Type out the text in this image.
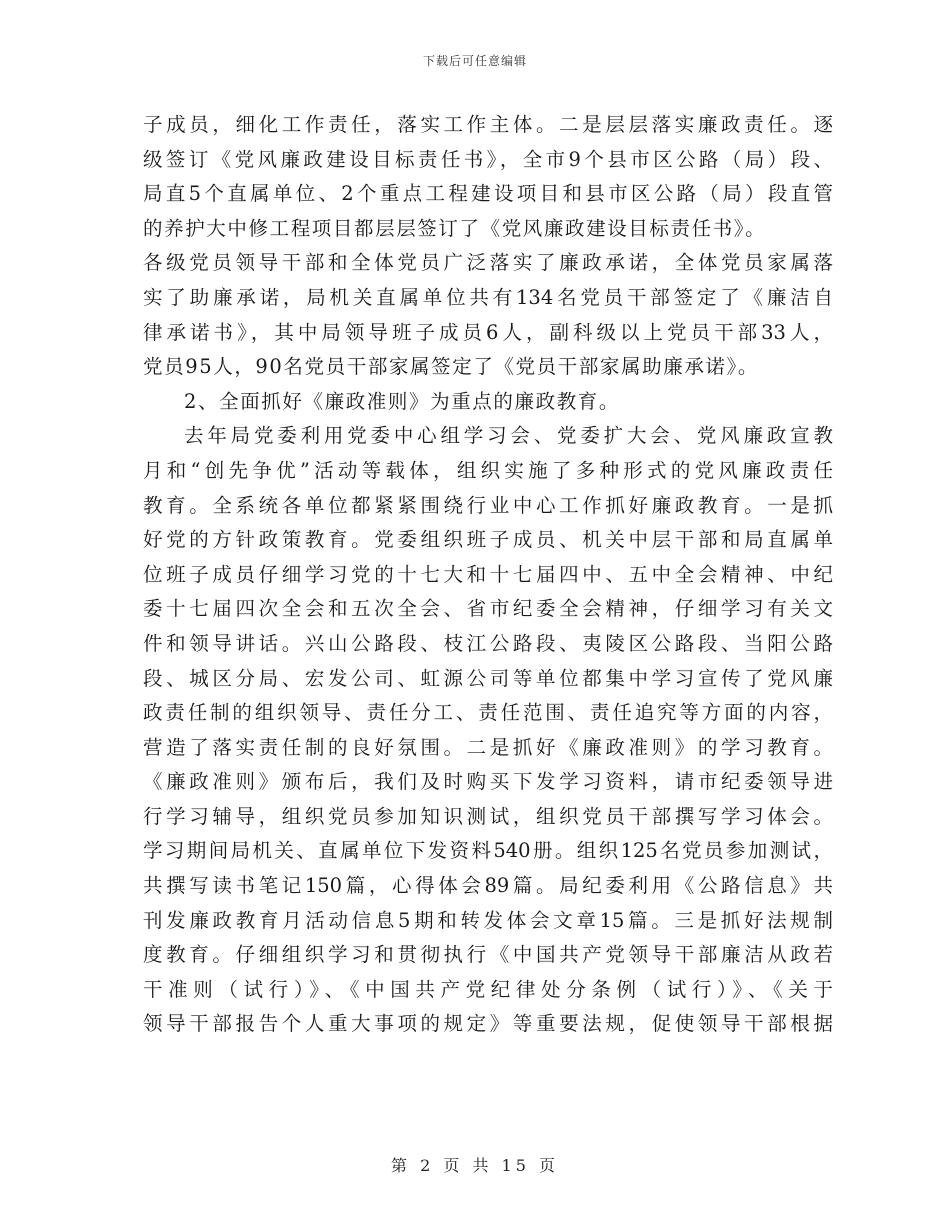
下载后可任意编辑
子成员，细化工作责任，落实工作主体。二是层层落实廉政责任。逐
级签订《党风廉政建设目标责任书》，全市9个县市区公路（局）段、
局直5个直属单位、2个重点工程建设项目和县市区公路（局）段直管
的养护大中修工程项目都层层签订了《党风廉政建设目标责任书》。
各级党员领导干部和全体党员广泛落实了廉政承诺，全体党员家属落
实了助廉承诺，局机关直属单位共有134名党员干部签定了《廉洁自
律承诺书》，其中局领导班子成员6人，副科级以上党员干部33人，
党员95人，90名党员干部家属签定了《党员干部家属助廉承诺》。
2、全面抓好《廉政准则》为重点的廉政教育。
去年局党委利用党委中心组学习会、党委扩大会、党风廉政宣教
月和“创先争优”活动等载体，组织实施了多种形式的党风廉政责任
教育。全系统各单位都紧紧围绕行业中心工作抓好廉政教育。一是抓
好党的方针政策教育。党委组织班子成员、机关中层干部和局直属单
位班子成员仔细学习党的十七大和十七届四中、五中全会精神、中纪
委十七届四次全会和五次全会、省市纪委全会精神，仔细学习有关文
件和领导讲话。兴山公路段、枝江公路段、夷陵区公路段、当阳公路
段、城区分局、宏发公司、虹源公司等单位都集中学习宣传了党风廉
政责任制的组织领导、责任分工、责任范围、责任追究等方面的内容，
营造了落实责任制的良好氛围。二是抓好《廉政准则》的学习教育。
《廉政准则》颁布后，我们及时购买下发学习资料，请市纪委领导进
行学习辅导，组织党员参加知识测试，组织党员干部撰写学习体会。
学习期间局机关、直属单位下发资料540册。组织125名党员参加测试，
共撰写读书笔记150篇，心得体会89篇。局纪委利用《公路信息》共
刊发廉政教育月活动信息5期和转发体会文章15篇。三是抓好法规制
度教育。仔细组织学习和贯彻执行《中国共产党领导干部廉洁从政若
干准则（试行）》、《中国共产党纪律处分条例（试行）》、《关于
领导干部报告个人重大事项的规定》等重要法规，促使领导干部根据
第 2 页 共 15 页
